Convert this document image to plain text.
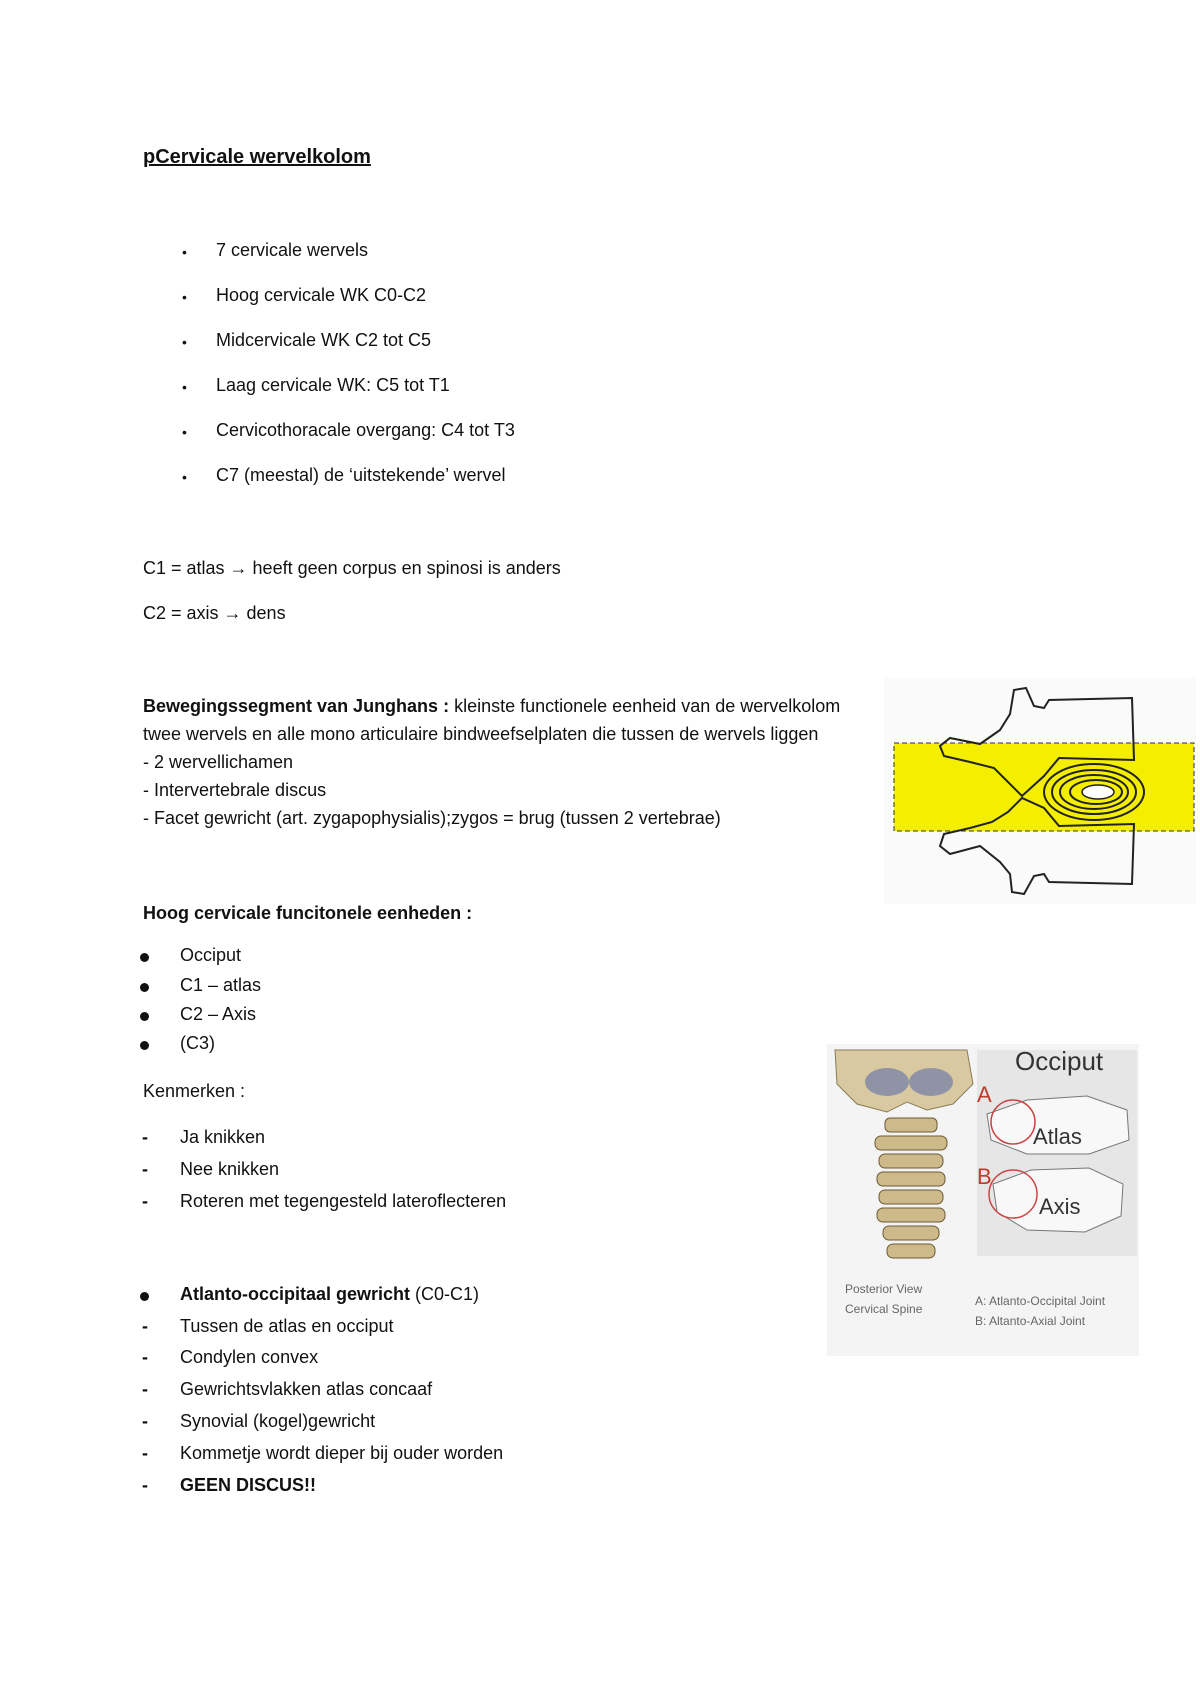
pCervicale wervelkolom
• 7 cervicale wervels
• Hoog cervicale WK C0-C2
• Midcervicale WK C2 tot C5
• Laag cervicale WK: C5 tot T1
• Cervicothoracale overgang: C4 tot T3
• C7 (meestal) de ‘uitstekende’ wervel
C1 = atlas → heeft geen corpus en spinosi is anders
C2 = axis → dens
Bewegingssegment van Junghans : kleinste functionele eenheid van de wervelkolom
twee wervels en alle mono articulaire bindweefselplaten die tussen de wervels liggen
- 2 wervellichamen
- Intervertebrale discus
- Facet gewricht (art. zygapophysialis);zygos = brug (tussen 2 vertebrae)
Hoog cervicale funcitonele eenheden :
Occiput
C1 – atlas
C2 – Axis
(C3)
Kenmerken :
- Ja knikken
- Nee knikken
- Roteren met tegengesteld lateroflecteren
Atlanto-occipitaal gewricht (C0-C1)
- Tussen de atlas en occiput
- Condylen convex
- Gewrichtsvlakken atlas concaaf
- Synovial (kogel)gewricht
- Kommetje wordt dieper bij ouder worden
- GEEN DISCUS!!
Occiput
A
Atlas
B
Axis
Posterior View
Cervical Spine
A: Atlanto-Occipital Joint
B: Altanto-Axial Joint
